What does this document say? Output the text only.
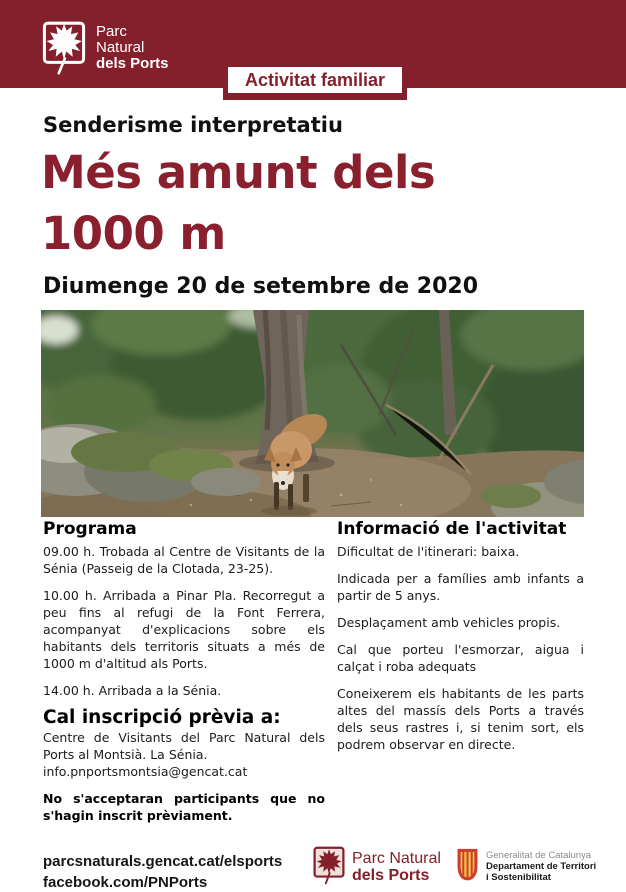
Parc
Natural
dels Ports
Activitat familiar
Senderisme interpretatiu
Més amunt dels
1000 m
Diumenge 20 de setembre de 2020
Programa

09.00 h. Trobada al Centre de Visitants de la Sénia (Passeig de la Clotada, 23-25).

10.00 h. Arribada a Pinar Pla. Recorregut a peu fins al refugi de la Font Ferrera, acompanyat d'explicacions sobre els habitants dels territoris situats a més de 1000 m d'altitud als Ports.

14.00 h. Arribada a la Sénia.

Cal inscripció prèvia a:

Centre de Visitants del Parc Natural dels Ports al Montsià. La Sénia.

info.pnportsmontsia@gencat.cat

No s'acceptaran participants que no s'hagin inscrit prèviament.

Informació de l'activitat

Dificultat de l'itinerari: baixa.

Indicada per a famílies amb infants a partir de 5 anys.

Desplaçament amb vehicles propis.

Cal que porteu l'esmorzar, aigua i calçat i roba adequats

Coneixerem els habitants de les parts altes del massís dels Ports a través dels seus rastres i, si tenim sort, els podrem observar en directe.

parcsnaturals.gencat.cat/elsports
facebook.com/PNPorts
Parc Natural
dels Ports
Generalitat de Catalunya
Departament de Territori
i Sostenibilitat
